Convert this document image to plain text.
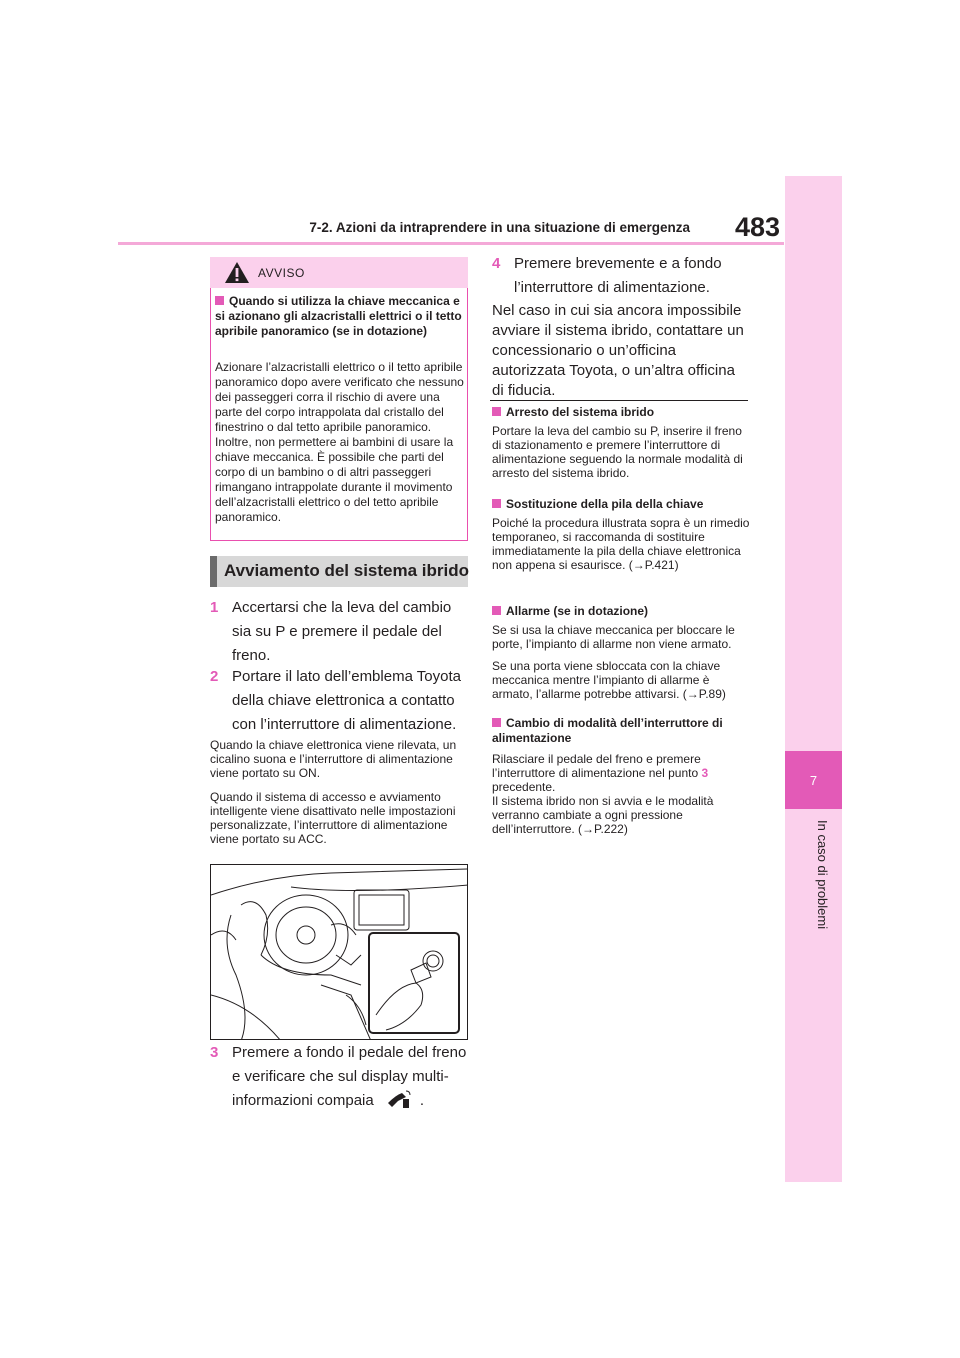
7-2. Azioni da intraprendere in una situazione di emergenza 483
7
In caso di problemi
AVVISO
Quando si utilizza la chiave meccanica e si azionano gli alzacristalli elettrici o il tetto apribile panoramico (se in dotazione)
Azionare l’alzacristalli elettrico o il tetto apribile panoramico dopo avere verificato che nessuno dei passeggeri corra il rischio di avere una parte del corpo intrappolata dal cristallo del finestrino o dal tetto apribile panoramico. Inoltre, non permettere ai bambini di usare la chiave meccanica. È possibile che parti del corpo di un bambino o di altri passeggeri rimangano intrappolate durante il movimento dell’alzacristalli elettrico o del tetto apribile panoramico.
Avviamento del sistema ibrido
1 Accertarsi che la leva del cambio sia su P e premere il pedale del freno.
2 Portare il lato dell’emblema Toyota della chiave elettronica a contatto con l’interruttore di alimentazione.
Quando la chiave elettronica viene rilevata, un cicalino suona e l’interruttore di alimentazione viene portato su ON.
Quando il sistema di accesso e avviamento intelligente viene disattivato nelle impostazioni personalizzate, l’interruttore di alimentazione viene portato su ACC.
3 Premere a fondo il pedale del freno e verificare che sul display multi-informazioni compaia	.
4 Premere brevemente e a fondo l’interruttore di alimentazione.
Nel caso in cui sia ancora impossibile avviare il sistema ibrido, contattare un concessionario o un’officina autorizzata Toyota, o un’altra officina di fiducia.
Arresto del sistema ibrido
Portare la leva del cambio su P, inserire il freno di stazionamento e premere l’interruttore di alimentazione seguendo la normale modalità di arresto del sistema ibrido.
Sostituzione della pila della chiave
Poiché la procedura illustrata sopra è un rimedio temporaneo, si raccomanda di sostituire immediatamente la pila della chiave elettronica non appena si esaurisce. (→P.421)
Allarme (se in dotazione)
Se si usa la chiave meccanica per bloccare le porte, l’impianto di allarme non viene armato.
Se una porta viene sbloccata con la chiave meccanica mentre l’impianto di allarme è armato, l’allarme potrebbe attivarsi. (→P.89)
Cambio di modalità dell’interruttore di alimentazione
Rilasciare il pedale del freno e premere l’interruttore di alimentazione nel punto 3 precedente.
Il sistema ibrido non si avvia e le modalità verranno cambiate a ogni pressione dell’interruttore. (→P.222)
